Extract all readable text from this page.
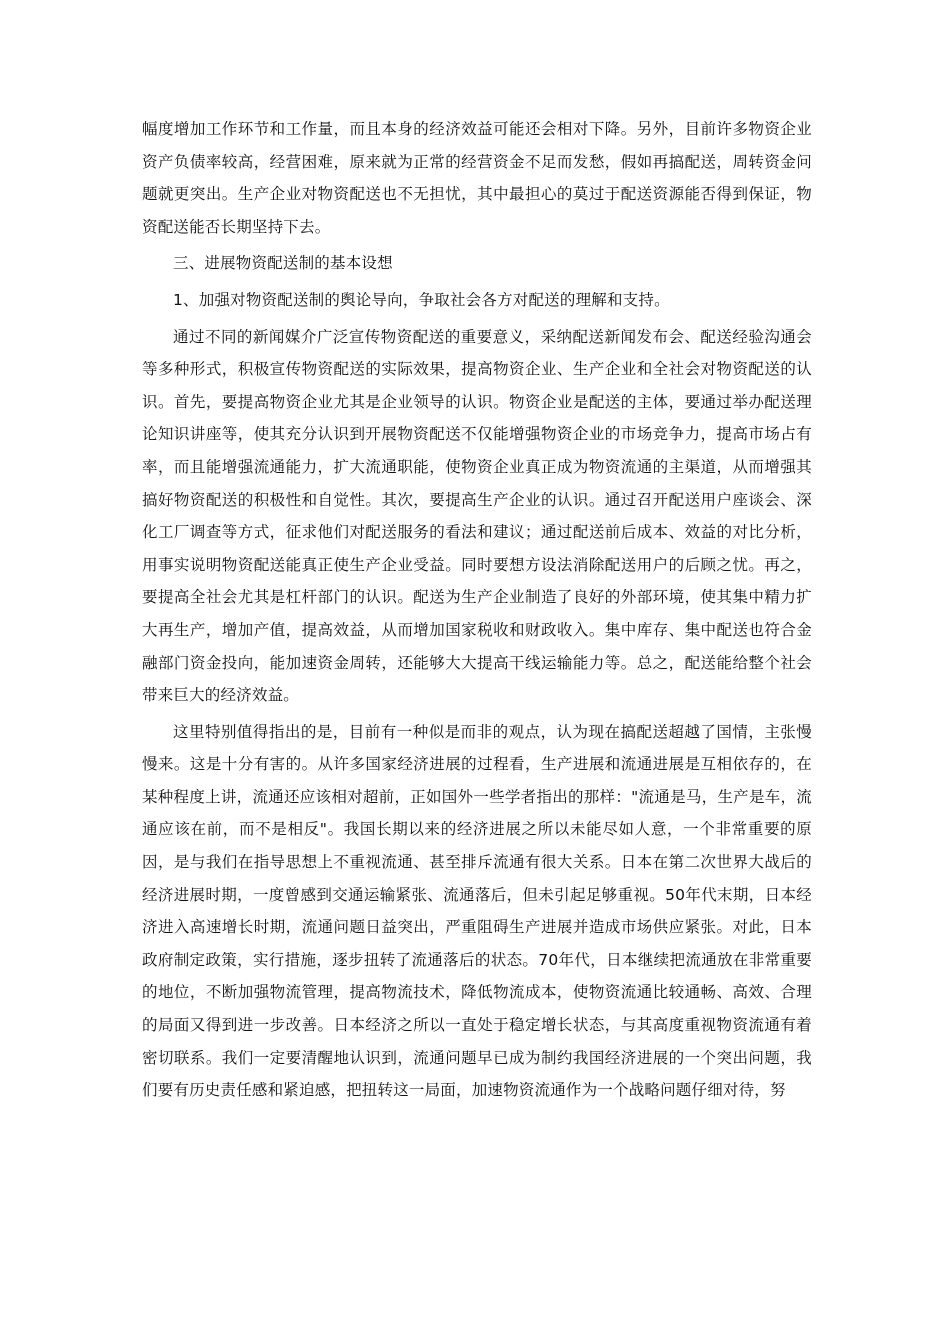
幅度增加工作环节和工作量，而且本身的经济效益可能还会相对下降。另外，目前许多物资企业资产负债率较高，经营困难，原来就为正常的经营资金不足而发愁，假如再搞配送，周转资金问题就更突出。生产企业对物资配送也不无担忧，其中最担心的莫过于配送资源能否得到保证，物资配送能否长期坚持下去。

三、进展物资配送制的基本设想

1、加强对物资配送制的舆论导向，争取社会各方对配送的理解和支持。

通过不同的新闻媒介广泛宣传物资配送的重要意义，采纳配送新闻发布会、配送经验沟通会等多种形式，积极宣传物资配送的实际效果，提高物资企业、生产企业和全社会对物资配送的认识。首先，要提高物资企业尤其是企业领导的认识。物资企业是配送的主体，要通过举办配送理论知识讲座等，使其充分认识到开展物资配送不仅能增强物资企业的市场竞争力，提高市场占有率，而且能增强流通能力，扩大流通职能，使物资企业真正成为物资流通的主渠道，从而增强其搞好物资配送的积极性和自觉性。其次，要提高生产企业的认识。通过召开配送用户座谈会、深化工厂调查等方式，征求他们对配送服务的看法和建议；通过配送前后成本、效益的对比分析，用事实说明物资配送能真正使生产企业受益。同时要想方设法消除配送用户的后顾之忧。再之，要提高全社会尤其是杠杆部门的认识。配送为生产企业制造了良好的外部环境，使其集中精力扩大再生产，增加产值，提高效益，从而增加国家税收和财政收入。集中库存、集中配送也符合金融部门资金投向，能加速资金周转，还能够大大提高干线运输能力等。总之，配送能给整个社会带来巨大的经济效益。

这里特别值得指出的是，目前有一种似是而非的观点，认为现在搞配送超越了国情，主张慢慢来。这是十分有害的。从许多国家经济进展的过程看，生产进展和流通进展是互相依存的，在某种程度上讲，流通还应该相对超前，正如国外一些学者指出的那样："流通是马，生产是车，流通应该在前，而不是相反"。我国长期以来的经济进展之所以未能尽如人意，一个非常重要的原因，是与我们在指导思想上不重视流通、甚至排斥流通有很大关系。日本在第二次世界大战后的经济进展时期，一度曾感到交通运输紧张、流通落后，但未引起足够重视。50年代末期，日本经济进入高速增长时期，流通问题日益突出，严重阻碍生产进展并造成市场供应紧张。对此，日本政府制定政策，实行措施，逐步扭转了流通落后的状态。70年代，日本继续把流通放在非常重要的地位，不断加强物流管理，提高物流技术，降低物流成本，使物资流通比较通畅、高效、合理的局面又得到进一步改善。日本经济之所以一直处于稳定增长状态，与其高度重视物资流通有着密切联系。我们一定要清醒地认识到，流通问题早已成为制约我国经济进展的一个突出问题，我们要有历史责任感和紧迫感，把扭转这一局面，加速物资流通作为一个战略问题仔细对待，努
